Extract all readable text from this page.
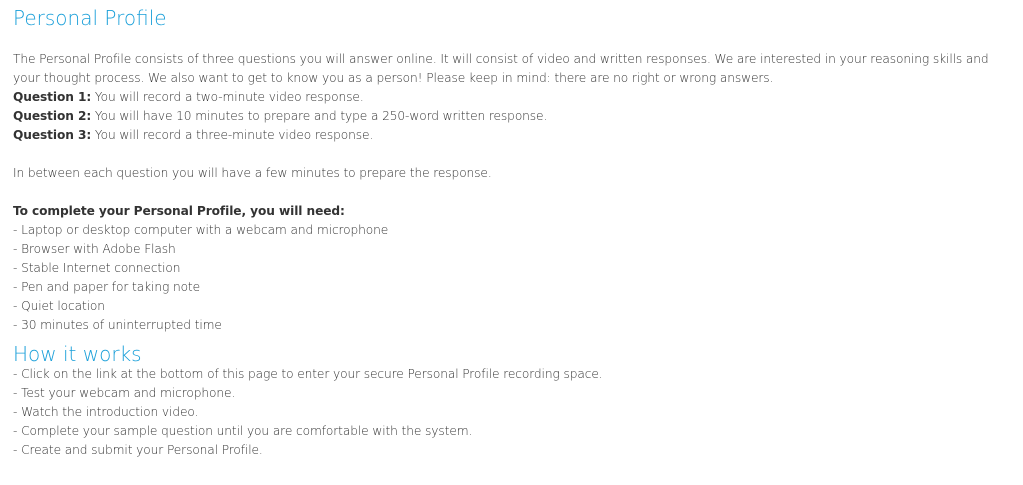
Personal Profile

The Personal Profile consists of three questions you will answer online. It will consist of video and written responses. We are interested in your reasoning skills and your thought process. We also want to get to know you as a person! Please keep in mind: there are no right or wrong answers.

Question 1: You will record a two-minute video response.
Question 2: You will have 10 minutes to prepare and type a 250-word written response.
Question 3: You will record a three-minute video response.

In between each question you will have a few minutes to prepare the response.

To complete your Personal Profile, you will need:

- Laptop or desktop computer with a webcam and microphone
- Browser with Adobe Flash
- Stable Internet connection
- Pen and paper for taking note
- Quiet location
- 30 minutes of uninterrupted time
How it works
- Click on the link at the bottom of this page to enter your secure Personal Profile recording space.
- Test your webcam and microphone.
- Watch the introduction video.
- Complete your sample question until you are comfortable with the system.
- Create and submit your Personal Profile.
